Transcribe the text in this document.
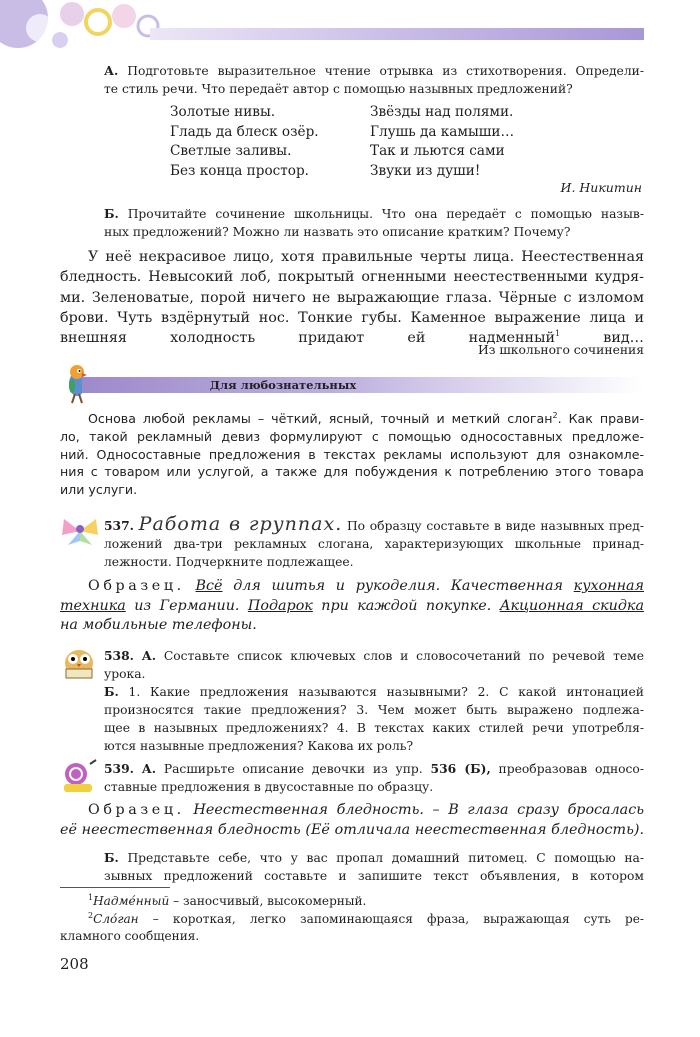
А. Подготовьте выразительное чтение отрывка из стихотворения. Определи-
те стиль речи. Что передаёт автор с помощью назывных предложений?
Золотые нивы.
Гладь да блеск озёр.
Светлые заливы.
Без конца простор.
Звёзды над полями.
Глушь да камыши…
Так и льются сами
Звуки из души!
И. Никитин
Б. Прочитайте сочинение школьницы. Что она передаёт с помощью назыв-
ных предложений? Можно ли назвать это описание кратким? Почему?
У неё некрасивое лицо, хотя правильные черты лица. Неестественная
бледность. Невысокий лоб, покрытый огненными неестественными кудря-
ми. Зеленоватые, порой ничего не выражающие глаза. Чёрные с изломом
брови. Чуть вздёрнутый нос. Тонкие губы. Каменное выражение лица и
внешняя холодность придают ей надменный$^1$ вид…
Из школьного сочинения
Для любознательных
Основа любой рекламы – чёткий, ясный, точный и меткий слоган$^2$. Как прави-
ло, такой рекламный девиз формулируют с помощью односоставных предложе-
ний. Односоставные предложения в текстах рекламы используют для ознакомле-
ния с товаром или услугой, а также для побуждения к потреблению этого товара
или услуги.
537. Работа в группах. По образцу составьте в виде назывных пред-
ложений два-три рекламных слогана, характеризующих школьные принад-
лежности. Подчеркните подлежащее.
Образец. Всё для шитья и рукоделия. Качественная кухонная
техника из Германии. Подарок при каждой покупке. Акционная скидка
на мобильные телефоны.
538. А. Составьте список ключевых слов и словосочетаний по речевой теме
урока.
Б. 1. Какие предложения называются назывными? 2. С какой интонацией
произносятся такие предложения? 3. Чем может быть выражено подлежа-
щее в назывных предложениях? 4. В текстах каких стилей речи употребля-
ются назывные предложения? Какова их роль?
539. А. Расширьте описание девочки из упр. 536 (Б), преобразовав односо-
ставные предложения в двусоставные по образцу.
Образец. Неестественная бледность. – В глаза сразу бросалась
её неестественная бледность (Её отличала неестественная бледность).
Б. Представьте себе, что у вас пропал домашний питомец. С помощью на-
зывных предложений составьте и запишите текст объявления, в котором
$^1$Надме́нный – заносчивый, высокомерный.
$^2$Сло́ган – короткая, легко запоминающаяся фраза, выражающая суть ре-
кламного сообщения.
208
